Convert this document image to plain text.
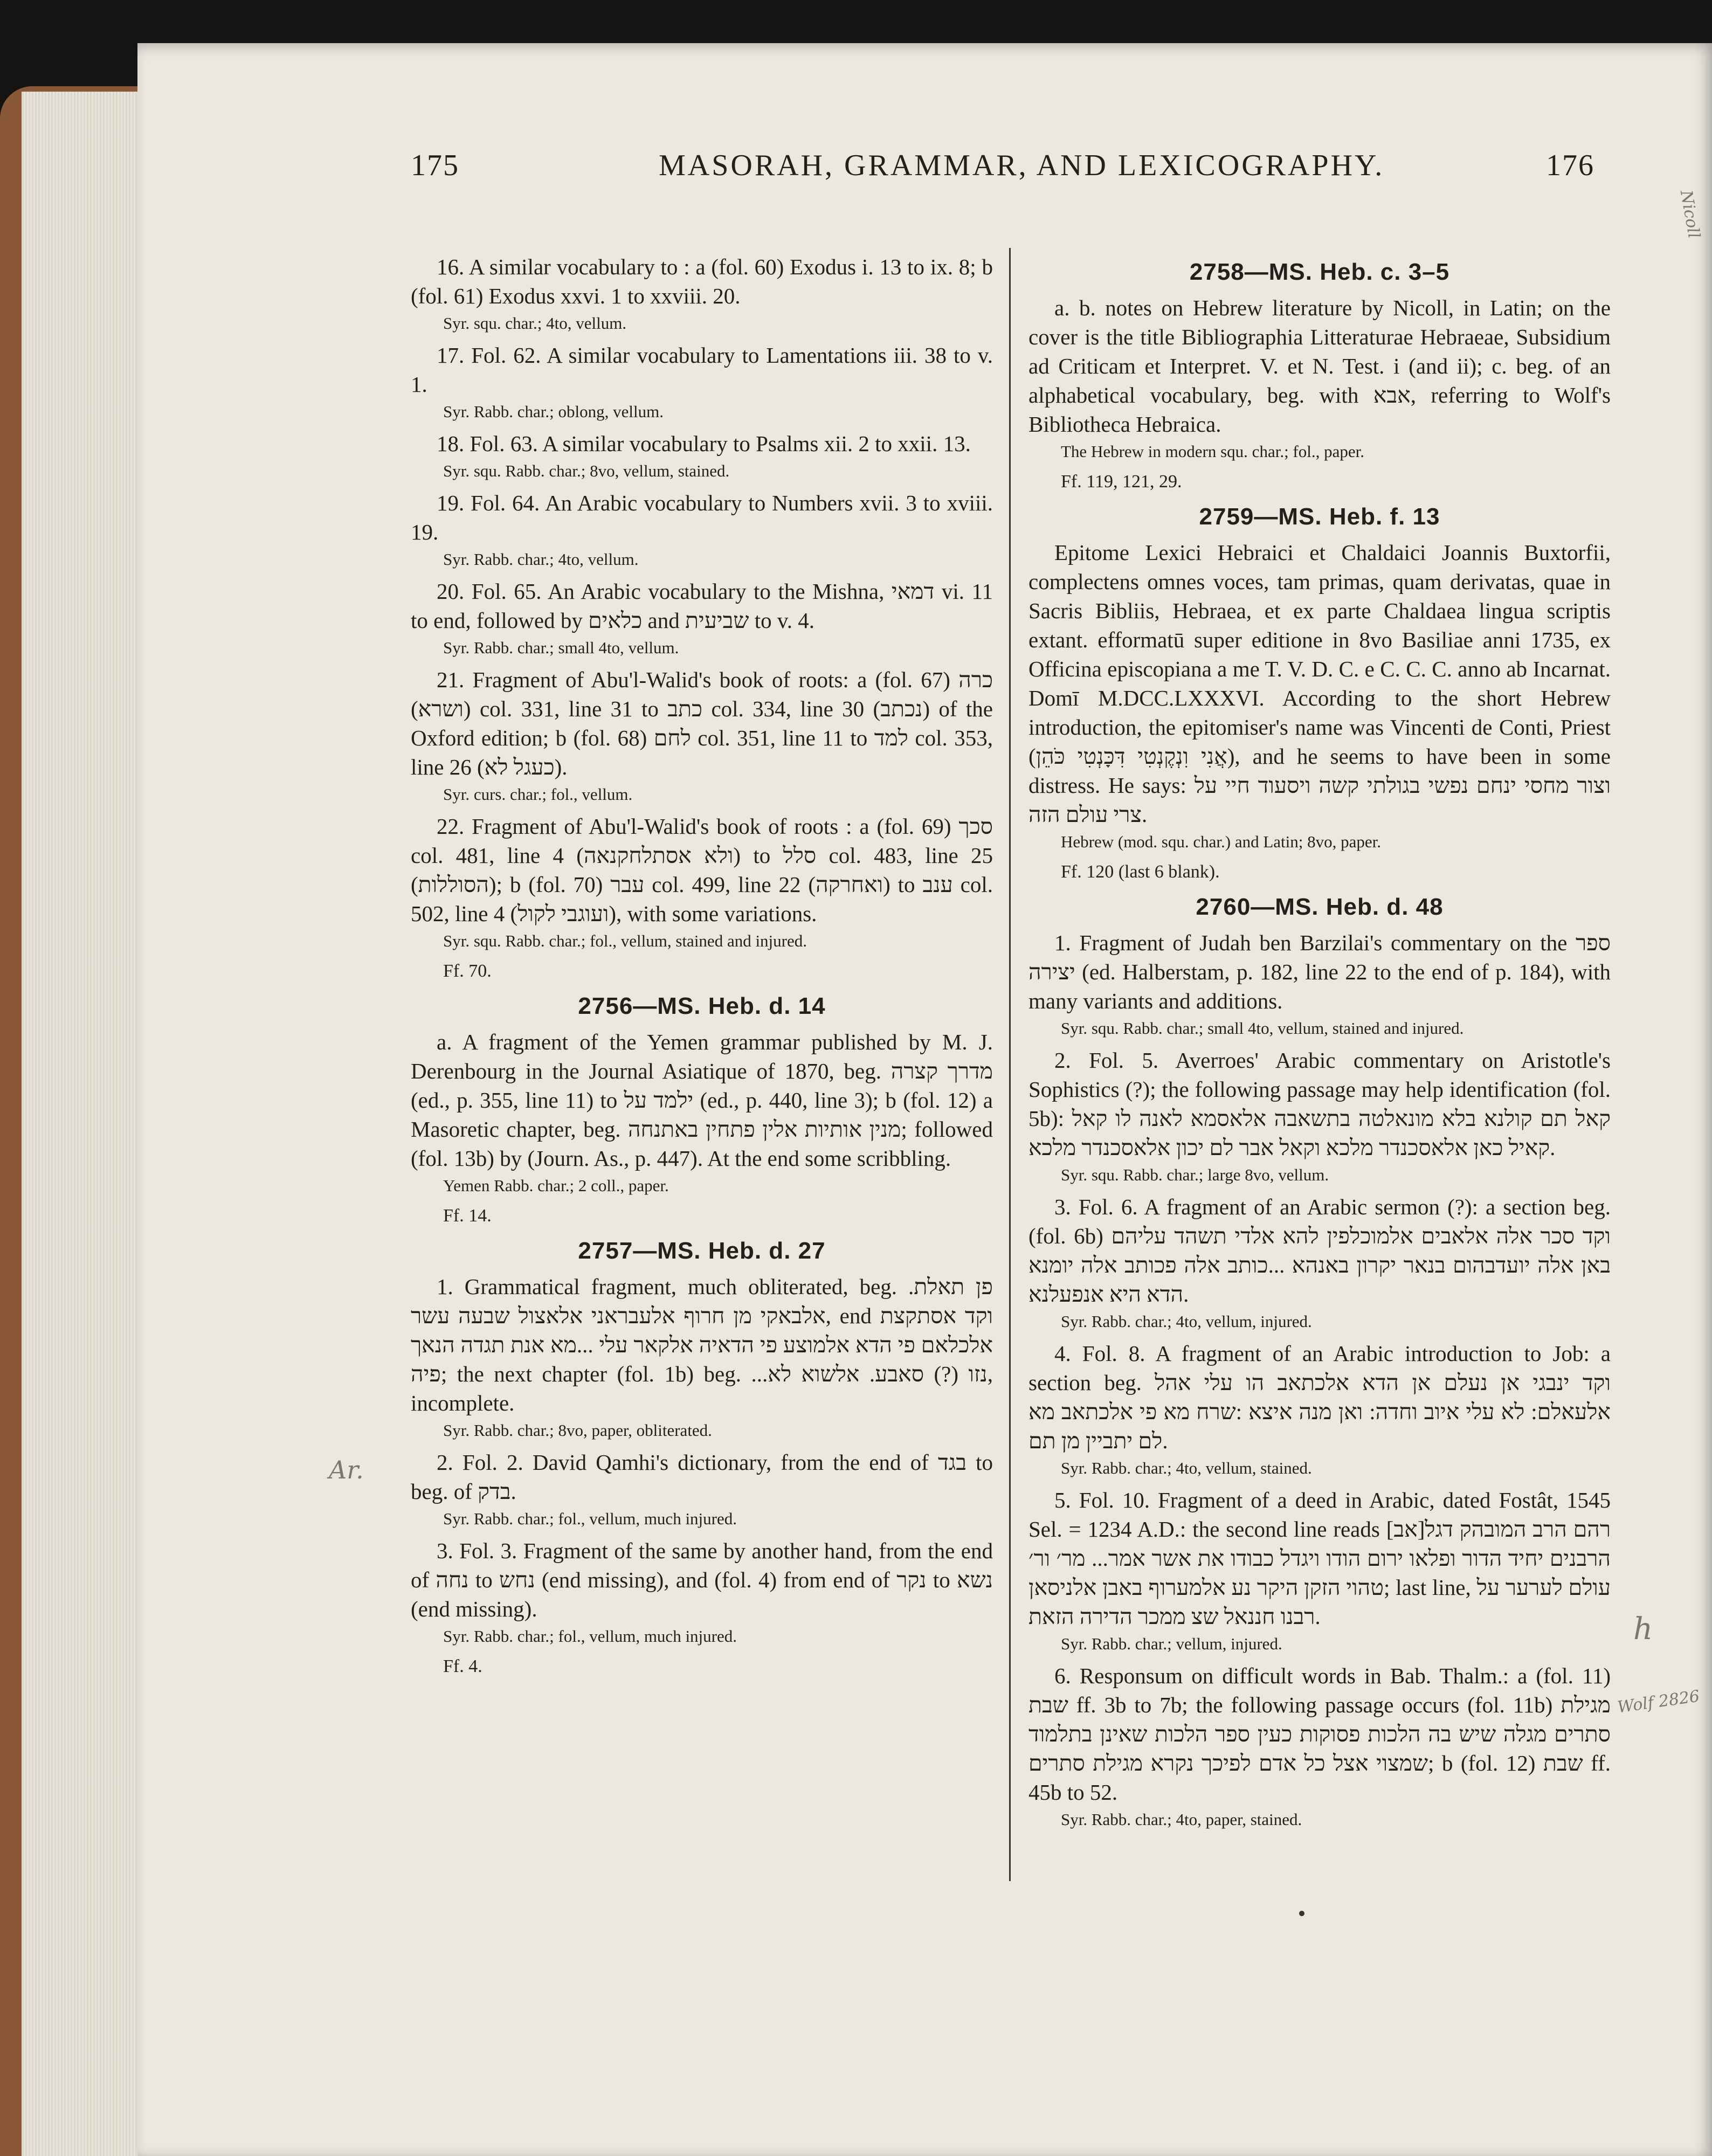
175	MASORAH, GRAMMAR, AND LEXICOGRAPHY.	176
16. A similar vocabulary to : a (fol. 60) Exodus i. 13 to ix. 8; b (fol. 61) Exodus xxvi. 1 to xxviii. 20.
Syr. squ. char.; 4to, vellum.
17. Fol. 62. A similar vocabulary to Lamentations iii. 38 to v. 1.
Syr. Rabb. char.; oblong, vellum.
18. Fol. 63. A similar vocabulary to Psalms xii. 2 to xxii. 13.
Syr. squ. Rabb. char.; 8vo, vellum, stained.
19. Fol. 64. An Arabic vocabulary to Numbers xvii. 3 to xviii. 19.
Syr. Rabb. char.; 4to, vellum.
20. Fol. 65. An Arabic vocabulary to the Mishna, דמאי vi. 11 to end, followed by כלאים and שביעית to v. 4.
Syr. Rabb. char.; small 4to, vellum.
21. Fragment of Abu'l-Walid's book of roots: a (fol. 67) כרה (ושרא) col. 331, line 31 to כתב col. 334, line 30 (נכתב) of the Oxford edition; b (fol. 68) לחם col. 351, line 11 to למד col. 353, line 26 (כעגל לא).
Syr. curs. char.; fol., vellum.
22. Fragment of Abu'l-Walid's book of roots : a (fol. 69) סכך col. 481, line 4 (ולא אסתלחקנאה) to סלל col. 483, line 25 (הסוללות); b (fol. 70) עבר col. 499, line 22 (ואחרקה) to ענב col. 502, line 4 (ועוגבי לקול), with some variations.
Syr. squ. Rabb. char.; fol., vellum, stained and injured.
Ff. 70.
2756—MS. Heb. d. 14
a. A fragment of the Yemen grammar published by M. J. Derenbourg in the Journal Asiatique of 1870, beg. מדרך קצרה (ed., p. 355, line 11) to ילמד על (ed., p. 440, line 3); b (fol. 12) a Masoretic chapter, beg. מנין אותיות אלין פתחין באתנחה; followed (fol. 13b) by (Journ. As., p. 447). At the end some scribbling.
Yemen Rabb. char.; 2 coll., paper.
Ff. 14.
2757—MS. Heb. d. 27
1. Grammatical fragment, much obliterated, beg. פן תאלת. אלבאקי מן חרוף אלעבראני אלאצול שבעה עשר, end וקד אסתקצת אלכלאם פי הדא אלמוצע פי הדאיה אלקאר עלי ...מא אנת תגדה הנאך פיה; the next chapter (fol. 1b) beg. ...נזו (?) סאבע. אלשוא לא, incomplete.
Syr. Rabb. char.; 8vo, paper, obliterated.
2. Fol. 2. David Qamhi's dictionary, from the end of בגד to beg. of בדק.
Syr. Rabb. char.; fol., vellum, much injured.
3. Fol. 3. Fragment of the same by another hand, from the end of נחה to נחש (end missing), and (fol. 4) from end of נקר to נשא (end missing).
Syr. Rabb. char.; fol., vellum, much injured.
Ff. 4.
2758—MS. Heb. c. 3–5
a. b. notes on Hebrew literature by Nicoll, in Latin; on the cover is the title Bibliographia Litteraturae Hebraeae, Subsidium ad Criticam et Interpret. V. et N. Test. i (and ii); c. beg. of an alphabetical vocabulary, beg. with אבא, referring to Wolf's Bibliotheca Hebraica.
The Hebrew in modern squ. char.; fol., paper.
Ff. 119, 121, 29.
2759—MS. Heb. f. 13
Epitome Lexici Hebraici et Chaldaici Joannis Buxtorfii, complectens omnes voces, tam primas, quam derivatas, quae in Sacris Bibliis, Hebraea, et ex parte Chaldaea lingua scriptis extant. efformatū super editione in 8vo Basiliae anni 1735, ex Officina episcopiana a me T. V. D. C. e C. C. C. anno ab Incarnat. Domī M.DCC.LXXXVI. According to the short Hebrew introduction, the epitomiser's name was Vincenti de Conti, Priest (אֲנִי וִנְקֶנְטִי דִּכָּנְטִי כֹּהֵן), and he seems to have been in some distress. He says: וצור מחסי ינחם נפשי בגולתי קשה ויסעוד חיי על צרי עולם הזה.
Hebrew (mod. squ. char.) and Latin; 8vo, paper.
Ff. 120 (last 6 blank).
2760—MS. Heb. d. 48
1. Fragment of Judah ben Barzilai's commentary on the ספר יצירה (ed. Halberstam, p. 182, line 22 to the end of p. 184), with many variants and additions.
Syr. squ. Rabb. char.; small 4to, vellum, stained and injured.
2. Fol. 5. Averroes' Arabic commentary on Aristotle's Sophistics (?); the following passage may help identification (fol. 5b): קאל תם קולנא בלא מונאלטה בתשאבה אלאסמא לאנה לו קאל קאיל כאן אלאסכנדר מלכא וקאל אבר לם יכון אלאסכנדר מלכא.
Syr. squ. Rabb. char.; large 8vo, vellum.
3. Fol. 6. A fragment of an Arabic sermon (?): a section beg. (fol. 6b) וקד סכר אלה אלאבים אלמוכלפין להא אלדי תשהד עליהם באן אלה יועדבהום בנאר יקרון באנהא ...כותב אלה פכותב אלה יומנא הדא היא אנפעלנא.
Syr. Rabb. char.; 4to, vellum, injured.
4. Fol. 8. A fragment of an Arabic introduction to Job: a section beg. וקד ינבגי אן נעלם אן הדא אלכתאב הו עלי אהל אלעאלם: לא עלי איוב וחדה: ואן מנה איצא :שרח מא פי אלכתאב מא לם יתביין מן תם.
Syr. Rabb. char.; 4to, vellum, stained.
5. Fol. 10. Fragment of a deed in Arabic, dated Fostât, 1545 Sel. = 1234 A.D.: the second line reads [אב]רהם הרב המובהק דגל הרבנים יחיד הדור ופלאו ירום הודו ויגדל כבודו את אשר אמר... מר׳ ור׳ טהוי הזקן היקר נע אלמערוף באבן אלניסאן; last line, עולם לערער על רבנו חננאל שצ ממכר הדירה הזאת.
Syr. Rabb. char.; vellum, injured.
6. Responsum on difficult words in Bab. Thalm.: a (fol. 11) שבת ff. 3b to 7b; the following passage occurs (fol. 11b) מגילת סתרים מגלה שיש בה הלכות פסוקות כעין ספר הלכות שאינן בתלמוד שמצוי אצל כל אדם לפיכך נקרא מגילת סתרים; b (fol. 12) שבת ff. 45b to 52.
Syr. Rabb. char.; 4to, paper, stained.
Ar.
h
Wolf 2826
Nicoll
